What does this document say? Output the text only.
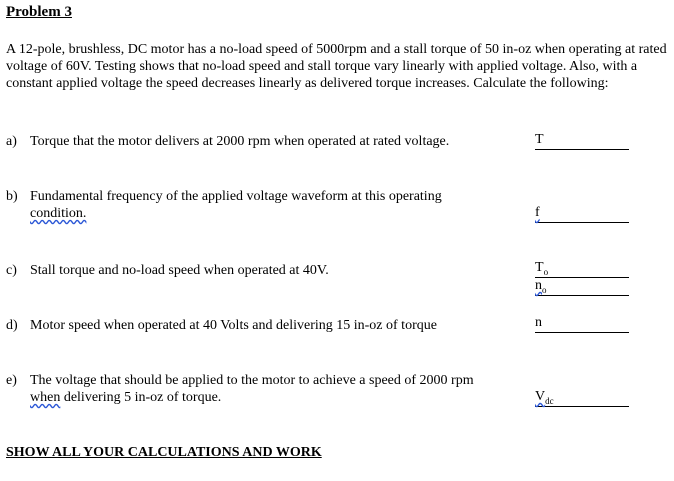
Problem 3
A 12-pole, brushless, DC motor has a no-load speed of 5000rpm and a stall torque of 50 in-oz when operating at rated voltage of 60V. Testing shows that no-load speed and stall torque vary linearly with applied voltage. Also, with a constant applied voltage the speed decreases linearly as delivered torque increases. Calculate the following:
a) Torque that the motor delivers at 2000 rpm when operated at rated voltage.	T
b) Fundamental frequency of the applied voltage waveform at this operating
condition.	f
c) Stall torque and no-load speed when operated at 40V.	$T_o$
$n_o$
d) Motor speed when operated at 40 Volts and delivering 15 in-oz of torque	n
e) The voltage that should be applied to the motor to achieve a speed of 2000 rpm
when delivering 5 in-oz of torque.	$V_{dc}$
SHOW ALL YOUR CALCULATIONS AND WORK
